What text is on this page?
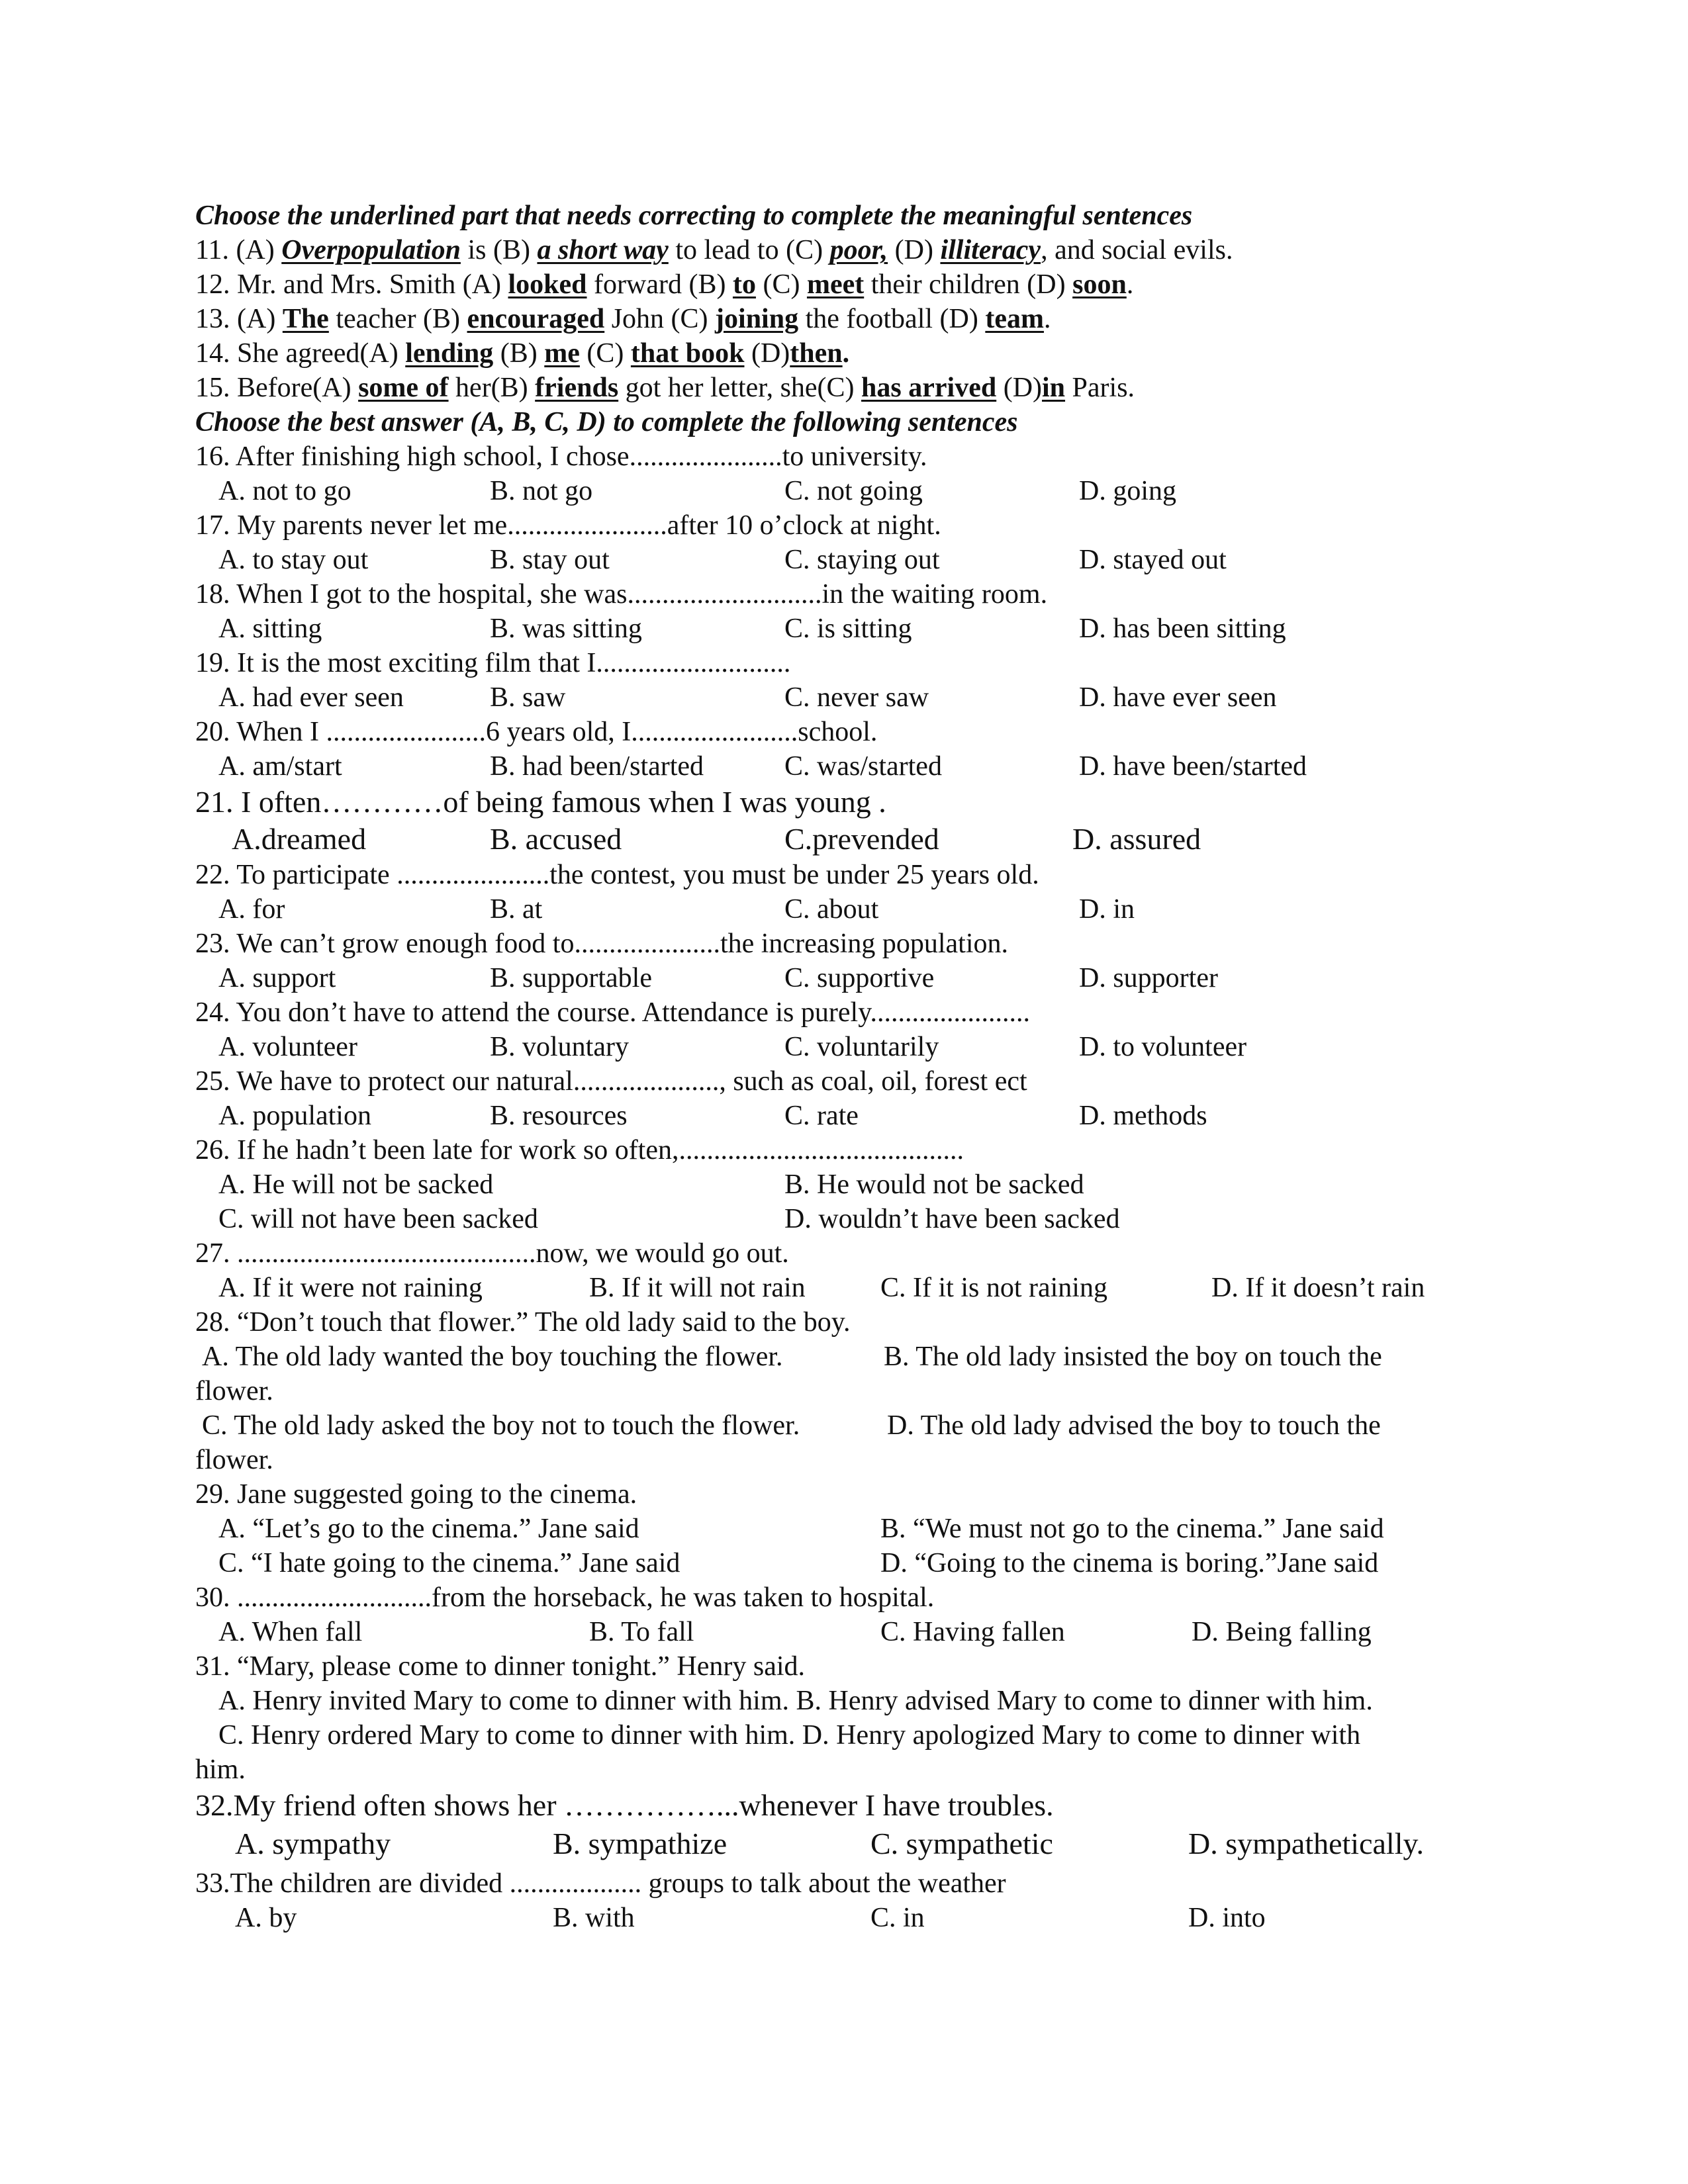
Choose the underlined part that needs correcting to complete the meaningful sentences
11. (A) Overpopulation is (B) a short way to lead to (C) poor, (D) illiteracy, and social evils.
12. Mr. and Mrs. Smith (A) looked forward (B) to (C) meet their children (D) soon.
13. (A) The teacher (B) encouraged John (C) joining the football (D) team.
14. She agreed(A) lending (B) me (C) that book (D)then.
15. Before(A) some of her(B) friends got her letter, she(C) has arrived (D)in Paris.
Choose the best answer (A, B, C, D) to complete the following sentences
16. After finishing high school, I chose......................to university.
A. not to go	B. not go	C. not going	D. going
17. My parents never let me.......................after 10 o’clock at night.
A. to stay out	B. stay out	C. staying out	D. stayed out
18. When I got to the hospital, she was............................in the waiting room.
A. sitting	B. was sitting	C. is sitting	D. has been sitting
19. It is the most exciting film that I............................
A. had ever seen	B. saw	C. never saw	D. have ever seen
20. When I .......................6 years old, I........................school.
A. am/start	B. had been/started	C. was/started	D. have been/started
21. I often…………of being famous when I was young .
A.dreamed	B. accused	C.prevended	D. assured
22. To participate ......................the contest, you must be under 25 years old.
A. for	B. at	C. about	D. in
23. We can’t grow enough food to.....................the increasing population.
A. support	B. supportable	C. supportive	D. supporter
24. You don’t have to attend the course. Attendance is purely.......................
A. volunteer	B. voluntary	C. voluntarily	D. to volunteer
25. We have to protect our natural....................., such as coal, oil, forest ect
A. population	B. resources	C. rate	D. methods
26. If he hadn’t been late for work so often,.........................................
A. He will not be sacked	B. He would not be sacked
C. will not have been sacked	D. wouldn’t have been sacked
27. ...........................................now, we would go out.
A. If it were not raining	B. If it will not rain	C. If it is not raining	D. If it doesn’t rain
28. “Don’t touch that flower.” The old lady said to the boy.
A. The old lady wanted the boy touching the flower.	B. The old lady insisted the boy on touch the
flower.
C. The old lady asked the boy not to touch the flower.	D. The old lady advised the boy to touch the
flower.
29. Jane suggested going to the cinema.
A. “Let’s go to the cinema.” Jane said	B. “We must not go to the cinema.” Jane said
C. “I hate going to the cinema.” Jane said	D. “Going to the cinema is boring.”Jane said
30. ............................from the horseback, he was taken to hospital.
A. When fall	B. To fall	C. Having fallen	D. Being falling
31. “Mary, please come to dinner tonight.” Henry said.
A. Henry invited Mary to come to dinner with him. B. Henry advised Mary to come to dinner with him.
C. Henry ordered Mary to come to dinner with him. D. Henry apologized Mary to come to dinner with
him.
32.My friend often shows her ……………...whenever I have troubles.
A. sympathy	B. sympathize	C. sympathetic	D. sympathetically.
33.The children are divided ................... groups to talk about the weather
A. by	B. with	C. in	D. into
